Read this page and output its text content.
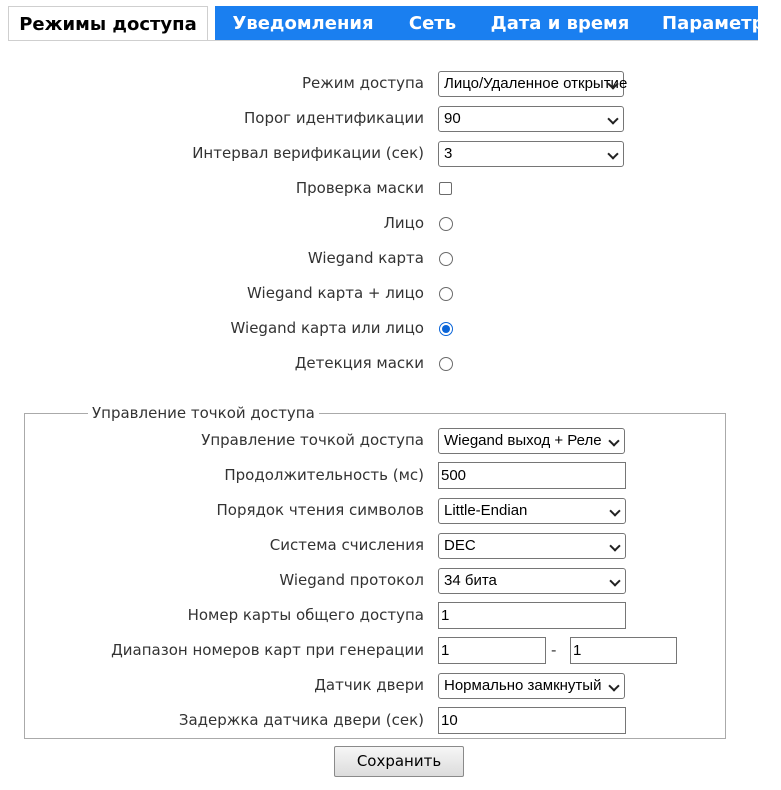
Режимы доступа	Уведомления	Сеть	Дата и время	Параметры
Режим доступа	Лицо/Удаленное открытие
Порог идентификации	90
Интервал верификации (сек)	3
Проверка маски
Лицо
Wiegand карта
Wiegand карта + лицо
Wiegand карта или лицо
Детекция маски
Управление точкой доступа
Управление точкой доступа	Wiegand выход + Реле
Продолжительность (мс) 500
Порядок чтения символов	Little-Endian
Система счисления	DEC
Wiegand протокол	34 бита
Номер карты общего доступа 1
Диапазон номеров карт при генерации 1	- 1
Датчик двери	Нормально замкнутый
Задержка датчика двери (сек) 10
Сохранить
